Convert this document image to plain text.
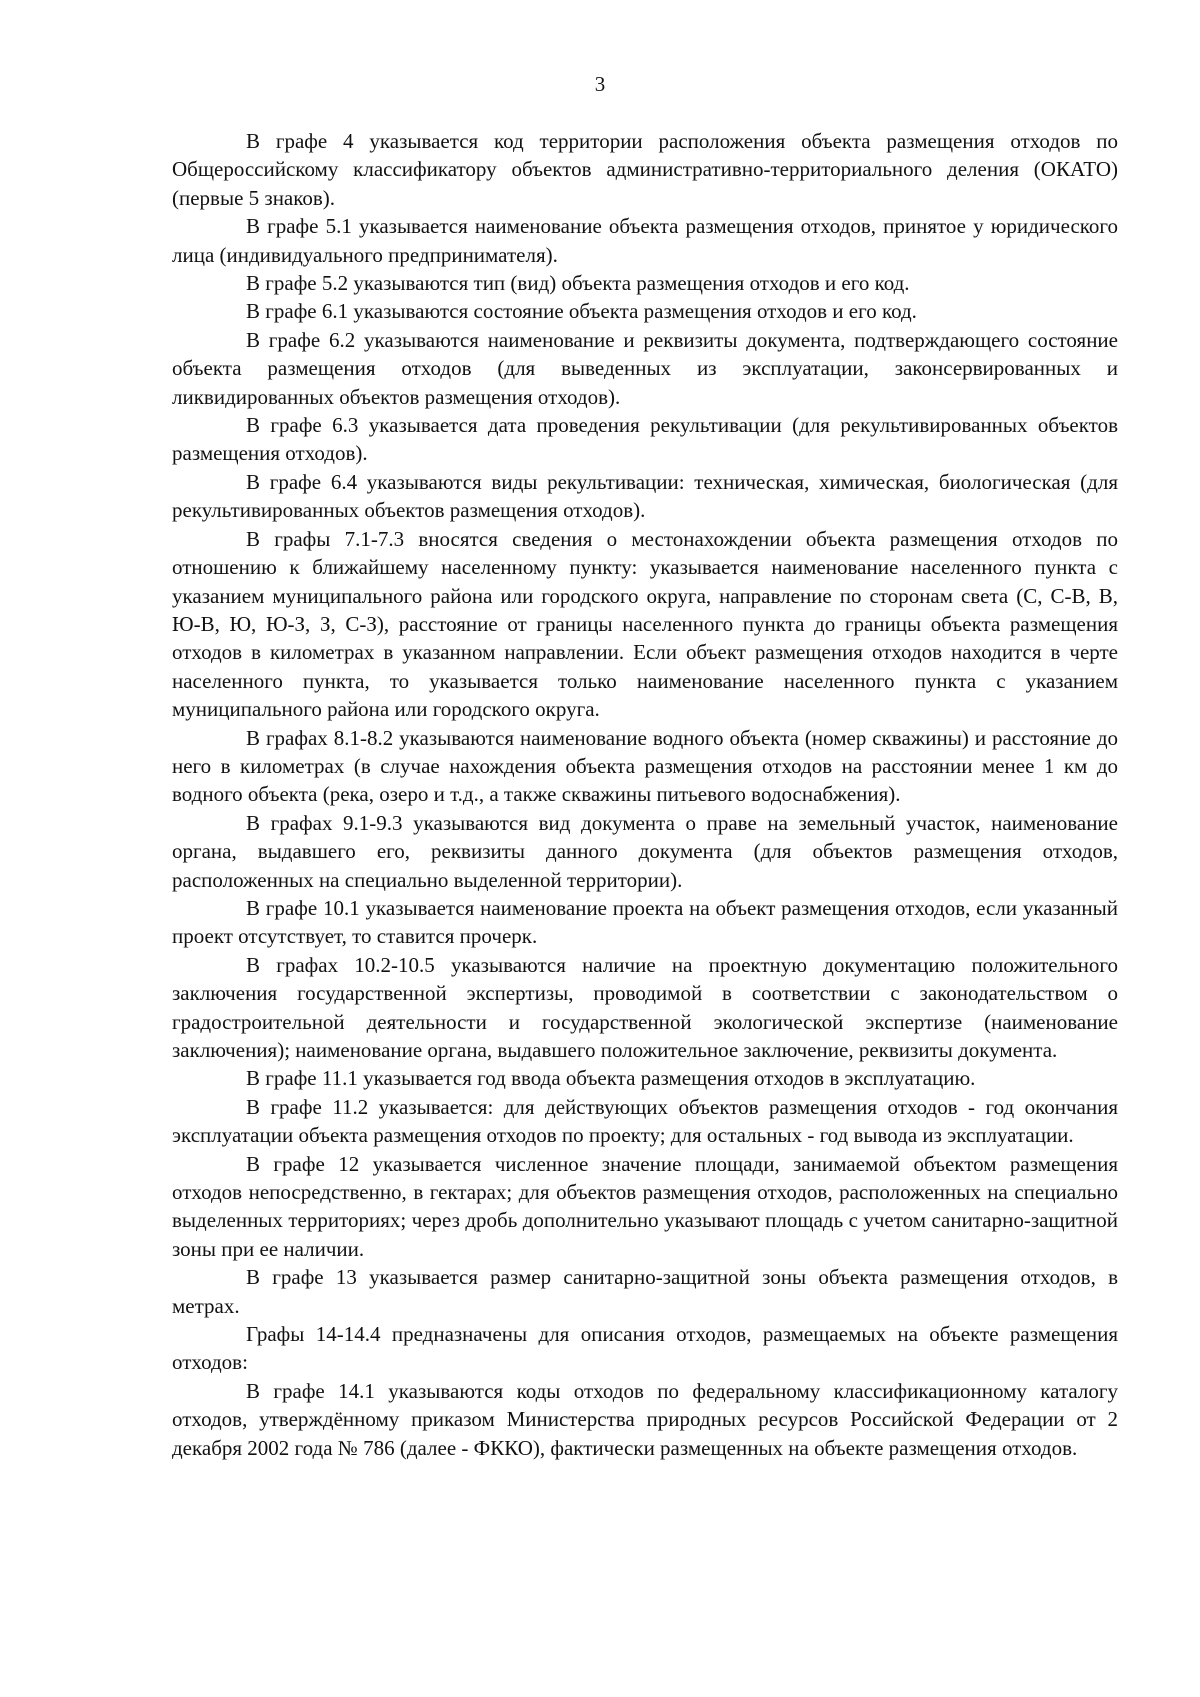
3

В графе 4 указывается код территории расположения объекта размещения отходов по Общероссийскому классификатору объектов административно-территориального деления (ОКАТО) (первые 5 знаков).

В графе 5.1 указывается наименование объекта размещения отходов, принятое у юридического лица (индивидуального предпринимателя).

В графе 5.2 указываются тип (вид) объекта размещения отходов и его код.

В графе 6.1 указываются состояние объекта размещения отходов и его код.

В графе 6.2 указываются наименование и реквизиты документа, подтверждающего состояние объекта размещения отходов (для выведенных из эксплуатации, законсервированных и ликвидированных объектов размещения отходов).

В графе 6.3 указывается дата проведения рекультивации (для рекультивированных объектов размещения отходов).

В графе 6.4 указываются виды рекультивации: техническая, химическая, биологическая (для рекультивированных объектов размещения отходов).

В графы 7.1-7.3 вносятся сведения о местонахождении объекта размещения отходов по отношению к ближайшему населенному пункту: указывается наименование населенного пункта с указанием муниципального района или городского округа, направление по сторонам света (С, С-В, В, Ю-В, Ю, Ю-З, З, С-З), расстояние от границы населенного пункта до границы объекта размещения отходов в километрах в указанном направлении. Если объект размещения отходов находится в черте населенного пункта, то указывается только наименование населенного пункта с указанием муниципального района или городского округа.

В графах 8.1-8.2 указываются наименование водного объекта (номер скважины) и расстояние до него в километрах (в случае нахождения объекта размещения отходов на расстоянии менее 1 км до водного объекта (река, озеро и т.д., а также скважины питьевого водоснабжения).

В графах 9.1-9.3 указываются вид документа о праве на земельный участок, наименование органа, выдавшего его, реквизиты данного документа (для объектов размещения отходов, расположенных на специально выделенной территории).

В графе 10.1 указывается наименование проекта на объект размещения отходов, если указанный проект отсутствует, то ставится прочерк.

В графах 10.2-10.5 указываются наличие на проектную документацию положительного заключения государственной экспертизы, проводимой в соответствии с законодательством о градостроительной деятельности и государственной экологической экспертизе (наименование заключения); наименование органа, выдавшего положительное заключение, реквизиты документа.

В графе 11.1 указывается год ввода объекта размещения отходов в эксплуатацию.

В графе 11.2 указывается: для действующих объектов размещения отходов - год окончания эксплуатации объекта размещения отходов по проекту; для остальных - год вывода из эксплуатации.

В графе 12 указывается численное значение площади, занимаемой объектом размещения отходов непосредственно, в гектарах; для объектов размещения отходов, расположенных на специально выделенных территориях; через дробь дополнительно указывают площадь с учетом санитарно-защитной зоны при ее наличии.

В графе 13 указывается размер санитарно-защитной зоны объекта размещения отходов, в метрах.

Графы 14-14.4 предназначены для описания отходов, размещаемых на объекте размещения отходов:

В графе 14.1 указываются коды отходов по федеральному классификационному каталогу отходов, утверждённому приказом Министерства природных ресурсов Российской Федерации от 2 декабря 2002 года № 786 (далее - ФККО), фактически размещенных на объекте размещения отходов.
